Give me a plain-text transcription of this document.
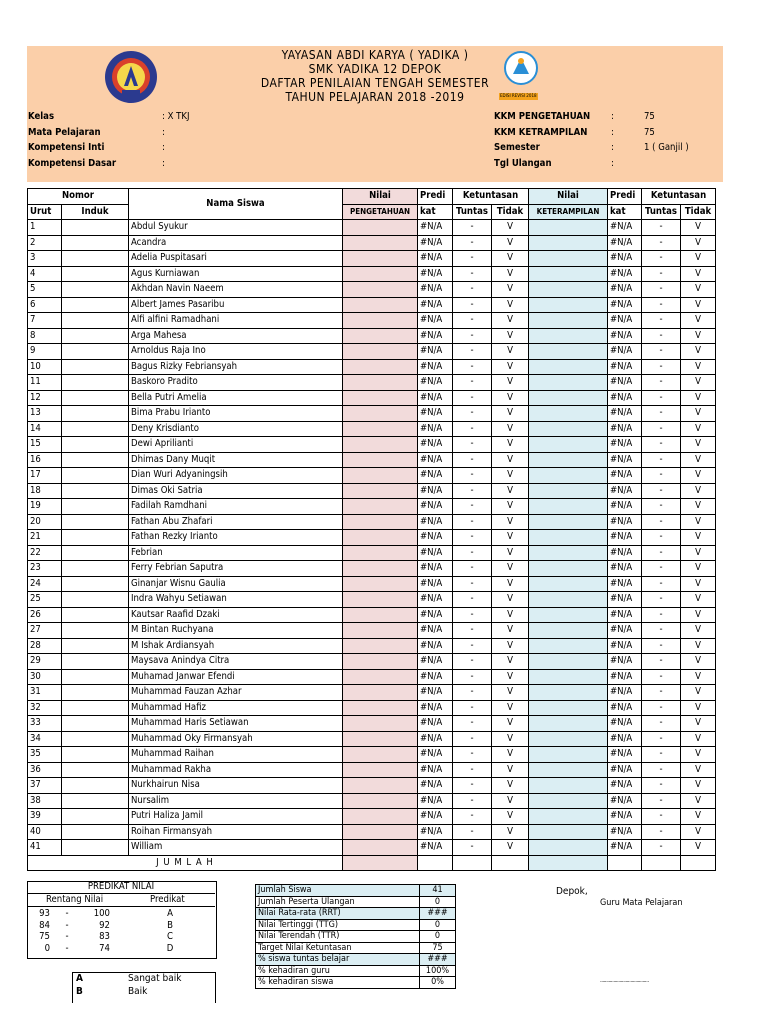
YAYASAN ABDI KARYA ( YADIKA )
SMK YADIKA 12 DEPOK
DAFTAR PENILAIAN TENGAH SEMESTER
TAHUN PELAJARAN 2018 -2019	EDISI REVISI 2018
Kelas	: X TKJ
Mata Pelajaran	:
Kompetensi Inti	:
Kompetensi Dasar	:
KKM PENGETAHUAN :	75
KKM KETRAMPILAN :	75
Semester	:	1 ( Ganjil )
Tgl Ulangan	:
Nomor		Nama Siswa	Nilai	Predi	Ketuntasan		Nilai	Predi	Ketuntasan	
Urut	Induk		PENGETAHUAN	kat	Tuntas	Tidak	KETERAMPILAN	kat	Tuntas	Tidak
1		Abdul Syukur		#N/A	-	V		#N/A	-	V
2		Acandra		#N/A	-	V		#N/A	-	V
3		Adelia Puspitasari		#N/A	-	V		#N/A	-	V
4		Agus Kurniawan		#N/A	-	V		#N/A	-	V
5		Akhdan Navin Naeem		#N/A	-	V		#N/A	-	V
6		Albert James Pasaribu		#N/A	-	V		#N/A	-	V
7		Alfi alfini Ramadhani		#N/A	-	V		#N/A	-	V
8		Arga Mahesa		#N/A	-	V		#N/A	-	V
9		Arnoldus Raja Ino		#N/A	-	V		#N/A	-	V
10		Bagus Rizky Febriansyah		#N/A	-	V		#N/A	-	V
11		Baskoro Pradito		#N/A	-	V		#N/A	-	V
12		Bella Putri Amelia		#N/A	-	V		#N/A	-	V
13		Bima Prabu Irianto		#N/A	-	V		#N/A	-	V
14		Deny Krisdianto		#N/A	-	V		#N/A	-	V
15		Dewi Aprilianti		#N/A	-	V		#N/A	-	V
16		Dhimas Dany Muqit		#N/A	-	V		#N/A	-	V
17		Dian Wuri Adyaningsih		#N/A	-	V		#N/A	-	V
18		Dimas Oki Satria		#N/A	-	V		#N/A	-	V
19		Fadilah Ramdhani		#N/A	-	V		#N/A	-	V
20		Fathan Abu Zhafari		#N/A	-	V		#N/A	-	V
21		Fathan Rezky Irianto		#N/A	-	V		#N/A	-	V
22		Febrian		#N/A	-	V		#N/A	-	V
23		Ferry Febrian Saputra		#N/A	-	V		#N/A	-	V
24		Ginanjar Wisnu Gaulia		#N/A	-	V		#N/A	-	V
25		Indra Wahyu Setiawan		#N/A	-	V		#N/A	-	V
26		Kautsar Raafid Dzaki		#N/A	-	V		#N/A	-	V
27		M Bintan Ruchyana		#N/A	-	V		#N/A	-	V
28		M Ishak Ardiansyah		#N/A	-	V		#N/A	-	V
29		Maysava Anindya Citra		#N/A	-	V		#N/A	-	V
30		Muhamad Janwar Efendi		#N/A	-	V		#N/A	-	V
31		Muhammad Fauzan Azhar		#N/A	-	V		#N/A	-	V
32		Muhammad Hafiz		#N/A	-	V		#N/A	-	V
33		Muhammad Haris Setiawan		#N/A	-	V		#N/A	-	V
34		Muhammad Oky Firmansyah		#N/A	-	V		#N/A	-	V
35		Muhammad Raihan		#N/A	-	V		#N/A	-	V
36		Muhammad Rakha		#N/A	-	V		#N/A	-	V
37		Nurkhairun Nisa		#N/A	-	V		#N/A	-	V
38		Nursalim		#N/A	-	V		#N/A	-	V
39		Putri Haliza Jamil		#N/A	-	V		#N/A	-	V
40		Roihan Firmansyah		#N/A	-	V		#N/A	-	V
41		William		#N/A	-	V		#N/A	-	V
J U M L A H										
PREDIKAT NILAI
Rentang Nilai	Predikat
93	-	100	A
84	-	92	B
75	-	83	C
0	-	74	D
A	Sangat baik
B	Baik
Jumlah Siswa	41
Jumlah Peserta Ulangan	0
Nilai Rata-rata (RRT)	###
Nilai Tertinggi (TTG)	0
Nilai Terendah (TTR)	0
Target Nilai Ketuntasan	75
% siswa tuntas belajar	###
% kehadiran guru	100%
% kehadiran siswa	0%
Depok,
Guru Mata Pelajaran
........................................
